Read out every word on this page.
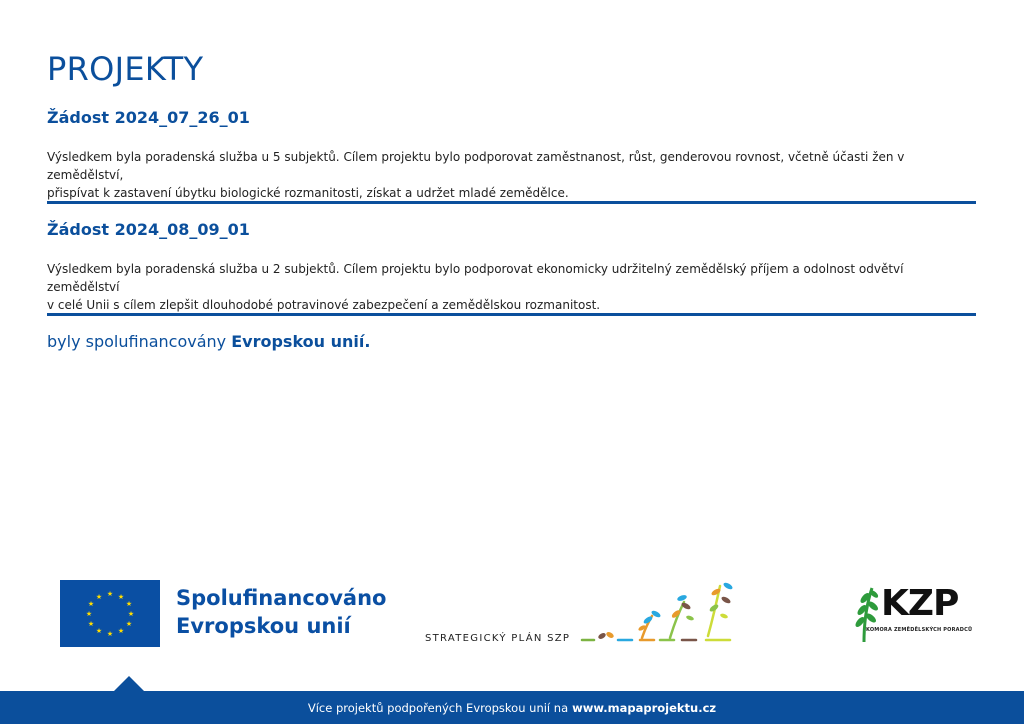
PROJEKTY
Žádost 2024_07_26_01

Výsledkem byla poradenská služba u 5 subjektů. Cílem projektu bylo podporovat zaměstnanost, růst, genderovou rovnost, včetně účasti žen v zemědělství,

přispívat k zastavení úbytku biologické rozmanitosti, získat a udržet mladé zemědělce.

Žádost 2024_08_09_01

Výsledkem byla poradenská služba u 2 subjektů. Cílem projektu bylo podporovat ekonomicky udržitelný zemědělský příjem a odolnost odvětví zemědělství

v celé Unii s cílem zlepšit dlouhodobé potravinové zabezpečení a zemědělskou rozmanitost.

byly spolufinancovány Evropskou unií.
★ ★
★
★
★
★
★
★
★
★
★
★	Spolufinancováno
Evropskou unií
STRATEGICKÝ PLÁN SZP
KZP
KOMORA ZEMĚDĚLSKÝCH PORADCŮ
Více projektů podpořených Evropskou unií na www.mapaprojektu.cz
